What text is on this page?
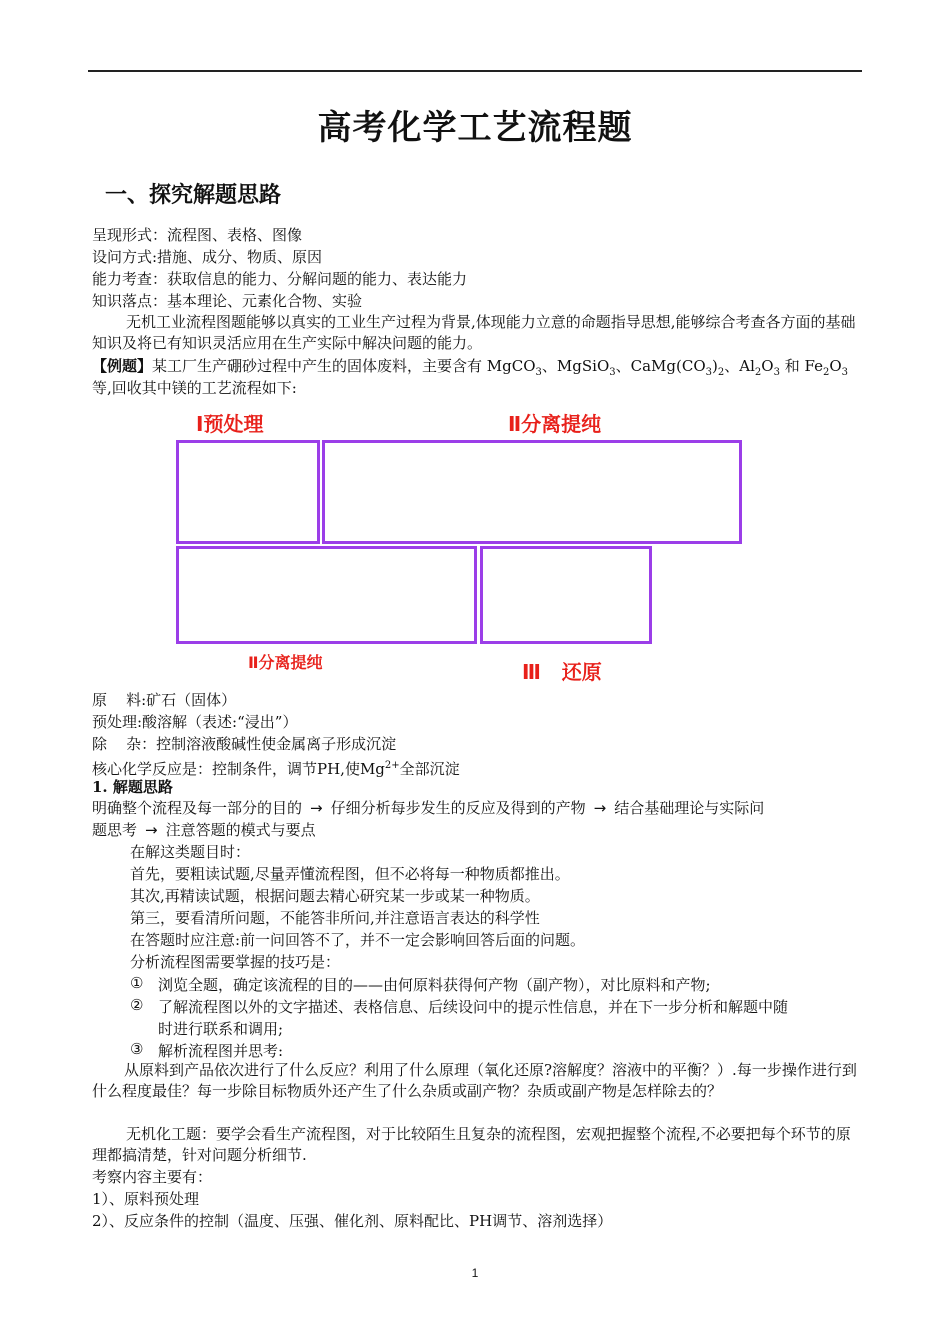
高考化学工艺流程题
一、探究解题思路
呈现形式：流程图、表格、图像
设问方式:措施、成分、物质、原因
能力考查：获取信息的能力、分解问题的能力、表达能力
知识落点：基本理论、元素化合物、实验
无机工业流程图题能够以真实的工业生产过程为背景,体现能力立意的命题指导思想,能够综合考查各方面的基础知识及将已有知识灵活应用在生产实际中解决问题的能力。
【例题】某工厂生产硼砂过程中产生的固体废料，主要含有 MgCO$_3$、MgSiO$_3$、$CaMg(CO_3)_2$、$Al_2O_3$ 和 $Fe_2O_3$
等,回收其中镁的工艺流程如下:
Ⅰ预处理	Ⅱ分离提纯
Ⅱ分离提纯	Ⅲ   还原
原    料:矿石（固体）
预处理:酸溶解（表述:“浸出”）
除    杂：控制溶液酸碱性使金属离子形成沉淀
核心化学反应是：控制条件，调节PH,使$Mg^{2+}$全部沉淀
1. 解题思路
明确整个流程及每一部分的目的 → 仔细分析每步发生的反应及得到的产物 → 结合基础理论与实际问
题思考 → 注意答题的模式与要点
在解这类题目时：
首先，要粗读试题,尽量弄懂流程图，但不必将每一种物质都推出。
其次,再精读试题，根据问题去精心研究某一步或某一种物质。
第三，要看清所问题，不能答非所问,并注意语言表达的科学性
在答题时应注意:前一问回答不了，并不一定会影响回答后面的问题。
分析流程图需要掌握的技巧是：
① 浏览全题，确定该流程的目的——由何原料获得何产物（副产物），对比原料和产物;
② 了解流程图以外的文字描述、表格信息、后续设问中的提示性信息，并在下一步分析和解题中随
时进行联系和调用;
③ 解析流程图并思考:
从原料到产品依次进行了什么反应？利用了什么原理（氧化还原?溶解度？溶液中的平衡？）.每一步操作进行到什么程度最佳？每一步除目标物质外还产生了什么杂质或副产物？杂质或副产物是怎样除去的？
无机化工题：要学会看生产流程图，对于比较陌生且复杂的流程图，宏观把握整个流程,不必要把每个环节的原理都搞清楚，针对问题分析细节.
考察内容主要有：
1）、原料预处理
2）、反应条件的控制（温度、压强、催化剂、原料配比、PH调节、溶剂选择）
1
